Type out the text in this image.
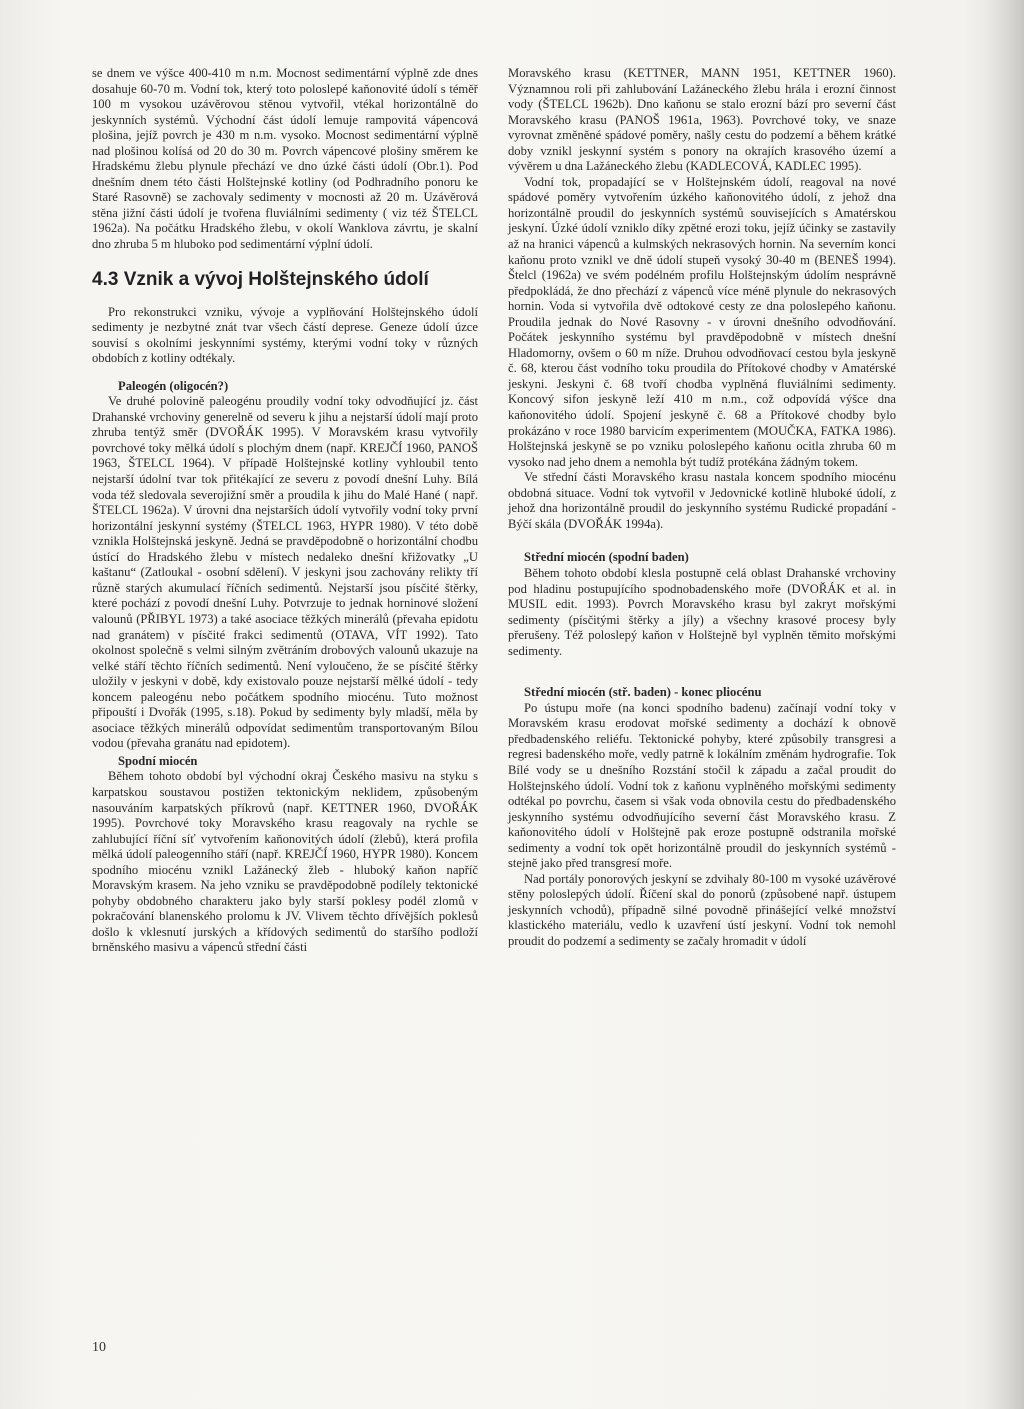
se dnem ve výšce 400-410 m n.m. Mocnost sedimentární výplně zde dnes dosahuje 60-70 m. Vodní tok, který toto poloslepé kaňonovité údolí s téměř 100 m vysokou uzávěrovou stěnou vytvořil, vtékal horizontálně do jeskynních systémů. Východní část údolí lemuje rampovitá vápencová plošina, jejíž povrch je 430 m n.m. vysoko. Mocnost sedimentární výplně nad plošinou kolísá od 20 do 30 m. Povrch vápencové plošiny směrem ke Hradskému žlebu plynule přechází ve dno úzké části údolí (Obr.1). Pod dnešním dnem této části Holštejnské kotliny (od Podhradního ponoru ke Staré Rasovně) se zachovaly sedimenty v mocnosti až 20 m. Uzávěrová stěna jižní části údolí je tvořena fluviálními sedimenty ( viz též ŠTELCL 1962a). Na počátku Hradského žlebu, v okolí Wanklova závrtu, je skalní dno zhruba 5 m hluboko pod sedimentární výplní údolí.

4.3 Vznik a vývoj Holštejnského údolí

Pro rekonstrukci vzniku, vývoje a vyplňování Holštejnského údolí sedimenty je nezbytné znát tvar všech částí deprese. Geneze údolí úzce souvisí s okolními jeskynními systémy, kterými vodní toky v různých obdobích z kotliny odtékaly.

Paleogén (oligocén?)

Ve druhé polovině paleogénu proudily vodní toky odvodňující jz. část Drahanské vrchoviny generelně od severu k jihu a nejstarší údolí mají proto zhruba tentýž směr (DVOŘÁK 1995). V Moravském krasu vytvořily povrchové toky mělká údolí s plochým dnem (např. KREJČÍ 1960, PANOŠ 1963, ŠTELCL 1964). V případě Holštejnské kotliny vyhloubil tento nejstarší údolní tvar tok přitékající ze severu z povodí dnešní Luhy. Bílá voda též sledovala severojižní směr a proudila k jihu do Malé Hané ( např. ŠTELCL 1962a). V úrovni dna nejstarších údolí vytvořily vodní toky první horizontální jeskynní systémy (ŠTELCL 1963, HYPR 1980). V této době vznikla Holštejnská jeskyně. Jedná se pravděpodobně o horizontální chodbu ústící do Hradského žlebu v místech nedaleko dnešní křižovatky „U kaštanu“ (Zatloukal - osobní sdělení). V jeskyni jsou zachovány relikty tří různě starých akumulací říčních sedimentů. Nejstarší jsou písčité štěrky, které pochází z povodí dnešní Luhy. Potvrzuje to jednak horninové složení valounů (PŘIBYL 1973) a také asociace těžkých minerálů (převaha epidotu nad granátem) v písčité frakci sedimentů (OTAVA, VÍT 1992). Tato okolnost společně s velmi silným zvětráním drobových valounů ukazuje na velké stáří těchto říčních sedimentů. Není vyloučeno, že se písčité štěrky uložily v jeskyni v době, kdy existovalo pouze nejstarší mělké údolí - tedy koncem paleogénu nebo počátkem spodního miocénu. Tuto možnost připouští i Dvořák (1995, s.18). Pokud by sedimenty byly mladší, měla by asociace těžkých minerálů odpovídat sedimentům transportovaným Bílou vodou (převaha granátu nad epidotem).

Spodní miocén

Během tohoto období byl východní okraj Českého masivu na styku s karpatskou soustavou postižen tektonickým neklidem, způsobeným nasouváním karpatských příkrovů (např. KETTNER 1960, DVOŘÁK 1995). Povrchové toky Moravského krasu reagovaly na rychle se zahlubující říční síť vytvořením kaňonovitých údolí (žlebů), která profila mělká údolí paleogenního stáří (např. KREJČÍ 1960, HYPR 1980). Koncem spodního miocénu vznikl Lažánecký žleb - hluboký kaňon napříč Moravským krasem. Na jeho vzniku se pravděpodobně podílely tektonické pohyby obdobného charakteru jako byly starší poklesy podél zlomů v pokračování blanenského prolomu k JV. Vlivem těchto dřívějších poklesů došlo k vklesnutí jurských a křídových sedimentů do staršího podloží brněnského masivu a vápenců střední části

Moravského krasu (KETTNER, MANN 1951, KETTNER 1960). Významnou roli při zahlubování Lažáneckého žlebu hrála i erozní činnost vody (ŠTELCL 1962b). Dno kaňonu se stalo erozní bází pro severní část Moravského krasu (PANOŠ 1961a, 1963). Povrchové toky, ve snaze vyrovnat změněné spádové poměry, našly cestu do podzemí a během krátké doby vznikl jeskynní systém s ponory na okrajích krasového území a vývěrem u dna Lažáneckého žlebu (KADLECOVÁ, KADLEC 1995).

Vodní tok, propadající se v Holštejnském údolí, reagoval na nové spádové poměry vytvořením úzkého kaňonovitého údolí, z jehož dna horizontálně proudil do jeskynních systémů souvisejících s Amatérskou jeskyní. Úzké údolí vzniklo díky zpětné erozi toku, jejíž účinky se zastavily až na hranici vápenců a kulmských nekrasových hornin. Na severním konci kaňonu proto vznikl ve dně údolí stupeň vysoký 30-40 m (BENEŠ 1994). Štelcl (1962a) ve svém podélném profilu Holštejnským údolím nesprávně předpokládá, že dno přechází z vápenců více méně plynule do nekrasových hornin. Voda si vytvořila dvě odtokové cesty ze dna poloslepého kaňonu. Proudila jednak do Nové Rasovny - v úrovni dnešního odvodňování. Počátek jeskynního systému byl pravděpodobně v místech dnešní Hladomorny, ovšem o 60 m níže. Druhou odvodňovací cestou byla jeskyně č. 68, kterou část vodního toku proudila do Přítokové chodby v Amatérské jeskyni. Jeskyni č. 68 tvoří chodba vyplněná fluviálními sedimenty. Koncový sifon jeskyně leží 410 m n.m., což odpovídá výšce dna kaňonovitého údolí. Spojení jeskyně č. 68 a Přítokové chodby bylo prokázáno v roce 1980 barvicím experimentem (MOUČKA, FATKA 1986). Holštejnská jeskyně se po vzniku poloslepého kaňonu ocitla zhruba 60 m vysoko nad jeho dnem a nemohla být tudíž protékána žádným tokem.

Ve střední části Moravského krasu nastala koncem spodního miocénu obdobná situace. Vodní tok vytvořil v Jedovnické kotlině hluboké údolí, z jehož dna horizontálně proudil do jeskynního systému Rudické propadání - Býčí skála (DVOŘÁK 1994a).

Střední miocén (spodní baden)

Během tohoto období klesla postupně celá oblast Drahanské vrchoviny pod hladinu postupujícího spodnobadenského moře (DVOŘÁK et al. in MUSIL edit. 1993). Povrch Moravského krasu byl zakryt mořskými sedimenty (písčitými štěrky a jíly) a všechny krasové procesy byly přerušeny. Též poloslepý kaňon v Holštejně byl vyplněn těmito mořskými sedimenty.

Střední miocén (stř. baden) - konec pliocénu

Po ústupu moře (na konci spodního badenu) začínají vodní toky v Moravském krasu erodovat mořské sedimenty a dochází k obnově předbadenského reliéfu. Tektonické pohyby, které způsobily transgresi a regresi badenského moře, vedly patrně k lokálním změnám hydrografie. Tok Bílé vody se u dnešního Rozstání stočil k západu a začal proudit do Holštejnského údolí. Vodní tok z kaňonu vyplněného mořskými sedimenty odtékal po povrchu, časem si však voda obnovila cestu do předbadenského jeskynního systému odvodňujícího severní část Moravského krasu. Z kaňonovitého údolí v Holštejně pak eroze postupně odstranila mořské sedimenty a vodní tok opět horizontálně proudil do jeskynních systémů - stejně jako před transgresí moře.

Nad portály ponorových jeskyní se zdvihaly 80-100 m vysoké uzávěrové stěny poloslepých údolí. Říčení skal do ponorů (způsobené např. ústupem jeskynních vchodů), případně silné povodně přinášející velké množství klastického materiálu, vedlo k uzavření ústí jeskyní. Vodní tok nemohl proudit do podzemí a sedimenty se začaly hromadit v údolí

10
